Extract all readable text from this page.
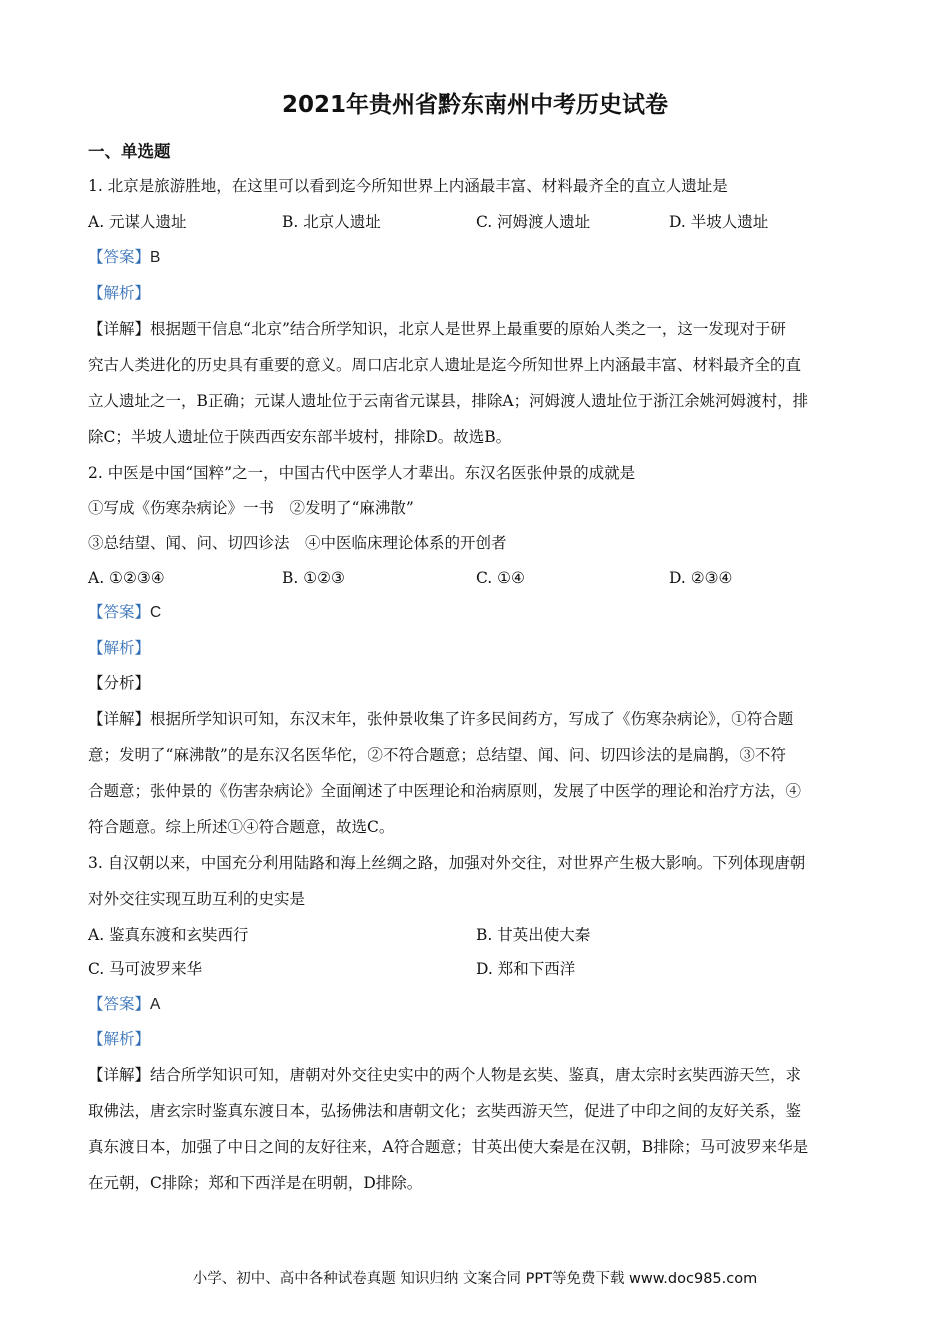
2021年贵州省黔东南州中考历史试卷
一、单选题
1. 北京是旅游胜地，在这里可以看到迄今所知世界上内涵最丰富、材料最齐全的直立人遗址是
A. 元谋人遗址	B. 北京人遗址	C. 河姆渡人遗址	D. 半坡人遗址
【答案】B
【解析】
【详解】根据题干信息“北京”结合所学知识，北京人是世界上最重要的原始人类之一，这一发现对于研
究古人类进化的历史具有重要的意义。周口店北京人遗址是迄今所知世界上内涵最丰富、材料最齐全的直
立人遗址之一，B正确；元谋人遗址位于云南省元谋县，排除A；河姆渡人遗址位于浙江余姚河姆渡村，排
除C；半坡人遗址位于陕西西安东部半坡村，排除D。故选B。
2. 中医是中国“国粹”之一，中国古代中医学人才辈出。东汉名医张仲景的成就是
①写成《伤寒杂病论》一书　②发明了“麻沸散”
③总结望、闻、问、切四诊法　④中医临床理论体系的开创者
A. ①②③④	B. ①②③	C. ①④	D. ②③④
【答案】C
【解析】
【分析】
【详解】根据所学知识可知，东汉末年，张仲景收集了许多民间药方，写成了《伤寒杂病论》，①符合题
意；发明了“麻沸散”的是东汉名医华佗，②不符合题意；总结望、闻、问、切四诊法的是扁鹊，③不符
合题意；张仲景的《伤害杂病论》全面阐述了中医理论和治病原则，发展了中医学的理论和治疗方法，④
符合题意。综上所述①④符合题意，故选C。
3. 自汉朝以来，中国充分利用陆路和海上丝绸之路，加强对外交往，对世界产生极大影响。下列体现唐朝
对外交往实现互助互利的史实是
A. 鉴真东渡和玄奘西行	B. 甘英出使大秦
C. 马可波罗来华	D. 郑和下西洋
【答案】A
【解析】
【详解】结合所学知识可知，唐朝对外交往史实中的两个人物是玄奘、鉴真，唐太宗时玄奘西游天竺，求
取佛法，唐玄宗时鉴真东渡日本，弘扬佛法和唐朝文化；玄奘西游天竺，促进了中印之间的友好关系，鉴
真东渡日本，加强了中日之间的友好往来，A符合题意；甘英出使大秦是在汉朝，B排除；马可波罗来华是
在元朝，C排除；郑和下西洋是在明朝，D排除。
小学、初中、高中各种试卷真题 知识归纳 文案合同 PPT等免费下载 www.doc985.com
